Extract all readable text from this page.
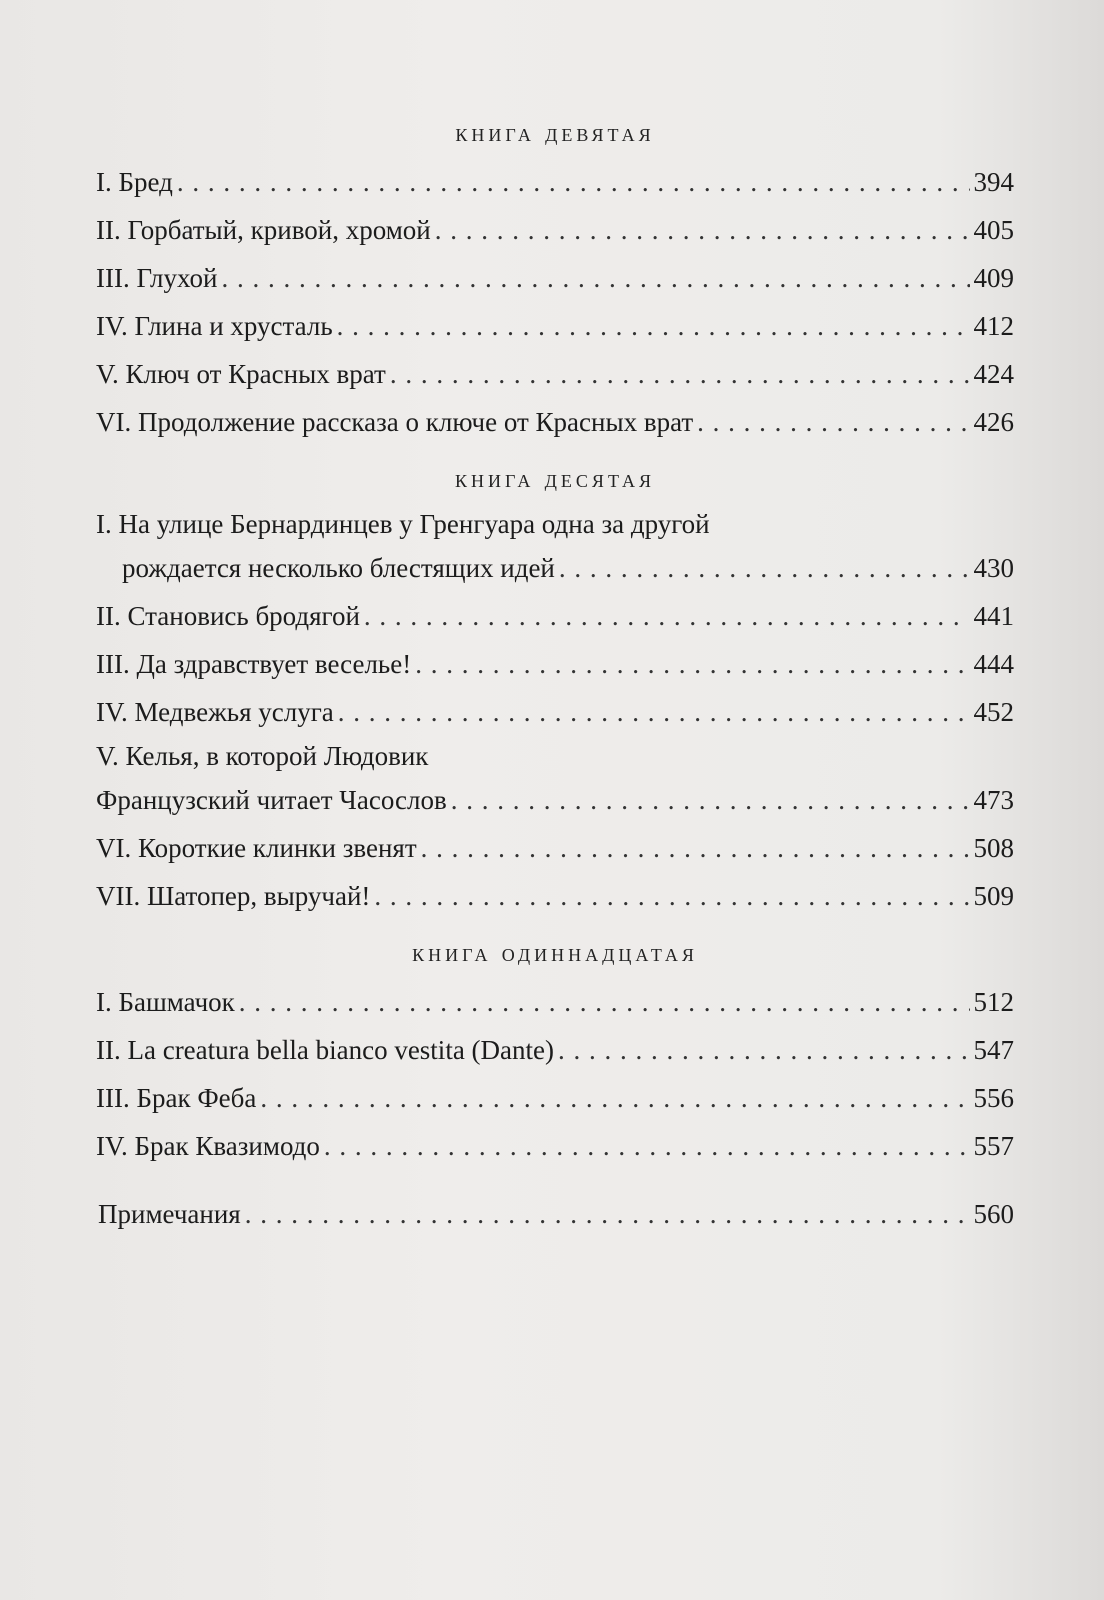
книга девятая
I. Бред . . .	394
II. Горбатый, кривой, хромой . . .	405
III. Глухой . . .	409
IV. Глина и хрусталь . . .	412
V. Ключ от Красных врат . . .	424
VI. Продолжение рассказа о ключе от Красных врат . . .	426
книга десятая
I. На улице Бернардинцев у Гренгуара одна за другой
рождается несколько блестящих идей . . .	430
II. Становись бродягой . . .	441
III. Да здравствует веселье! . . .	444
IV. Медвежья услуга . . .	452
V. Келья, в которой Людовик
Французский читает Часослов . . .	473
VI. Короткие клинки звенят . . .	508
VII. Шатопер, выручай! . . .	509
книга одиннадцатая
I. Башмачок . . .	512
II. La creatura bella bianco vestita (Dante) . . .	547
III. Брак Феба . . .	556
IV. Брак Квазимодо . . .	557
Примечания . . .	560
